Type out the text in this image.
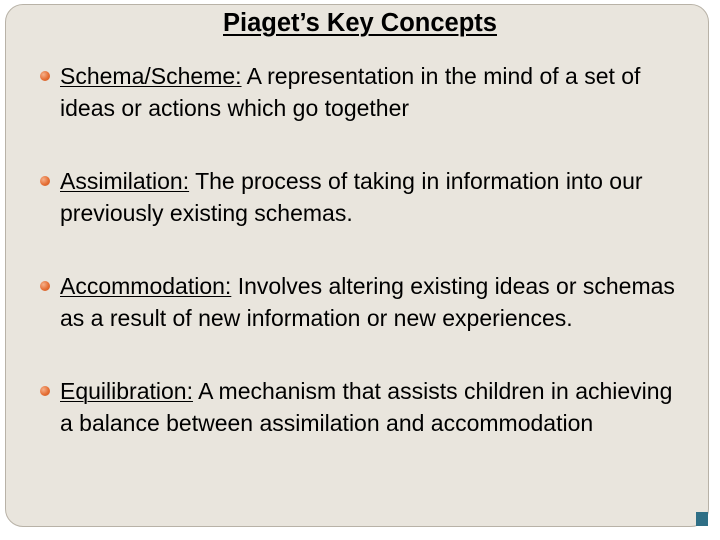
Piaget’s Key Concepts
Schema/Scheme: A representation in the mind of a set of ideas or actions which go together
Assimilation: The process of taking in information into our previously existing schemas.
Accommodation: Involves altering existing ideas or schemas as a result of new information or new experiences.
Equilibration: A mechanism that assists children in achieving a balance between assimilation and accommodation
